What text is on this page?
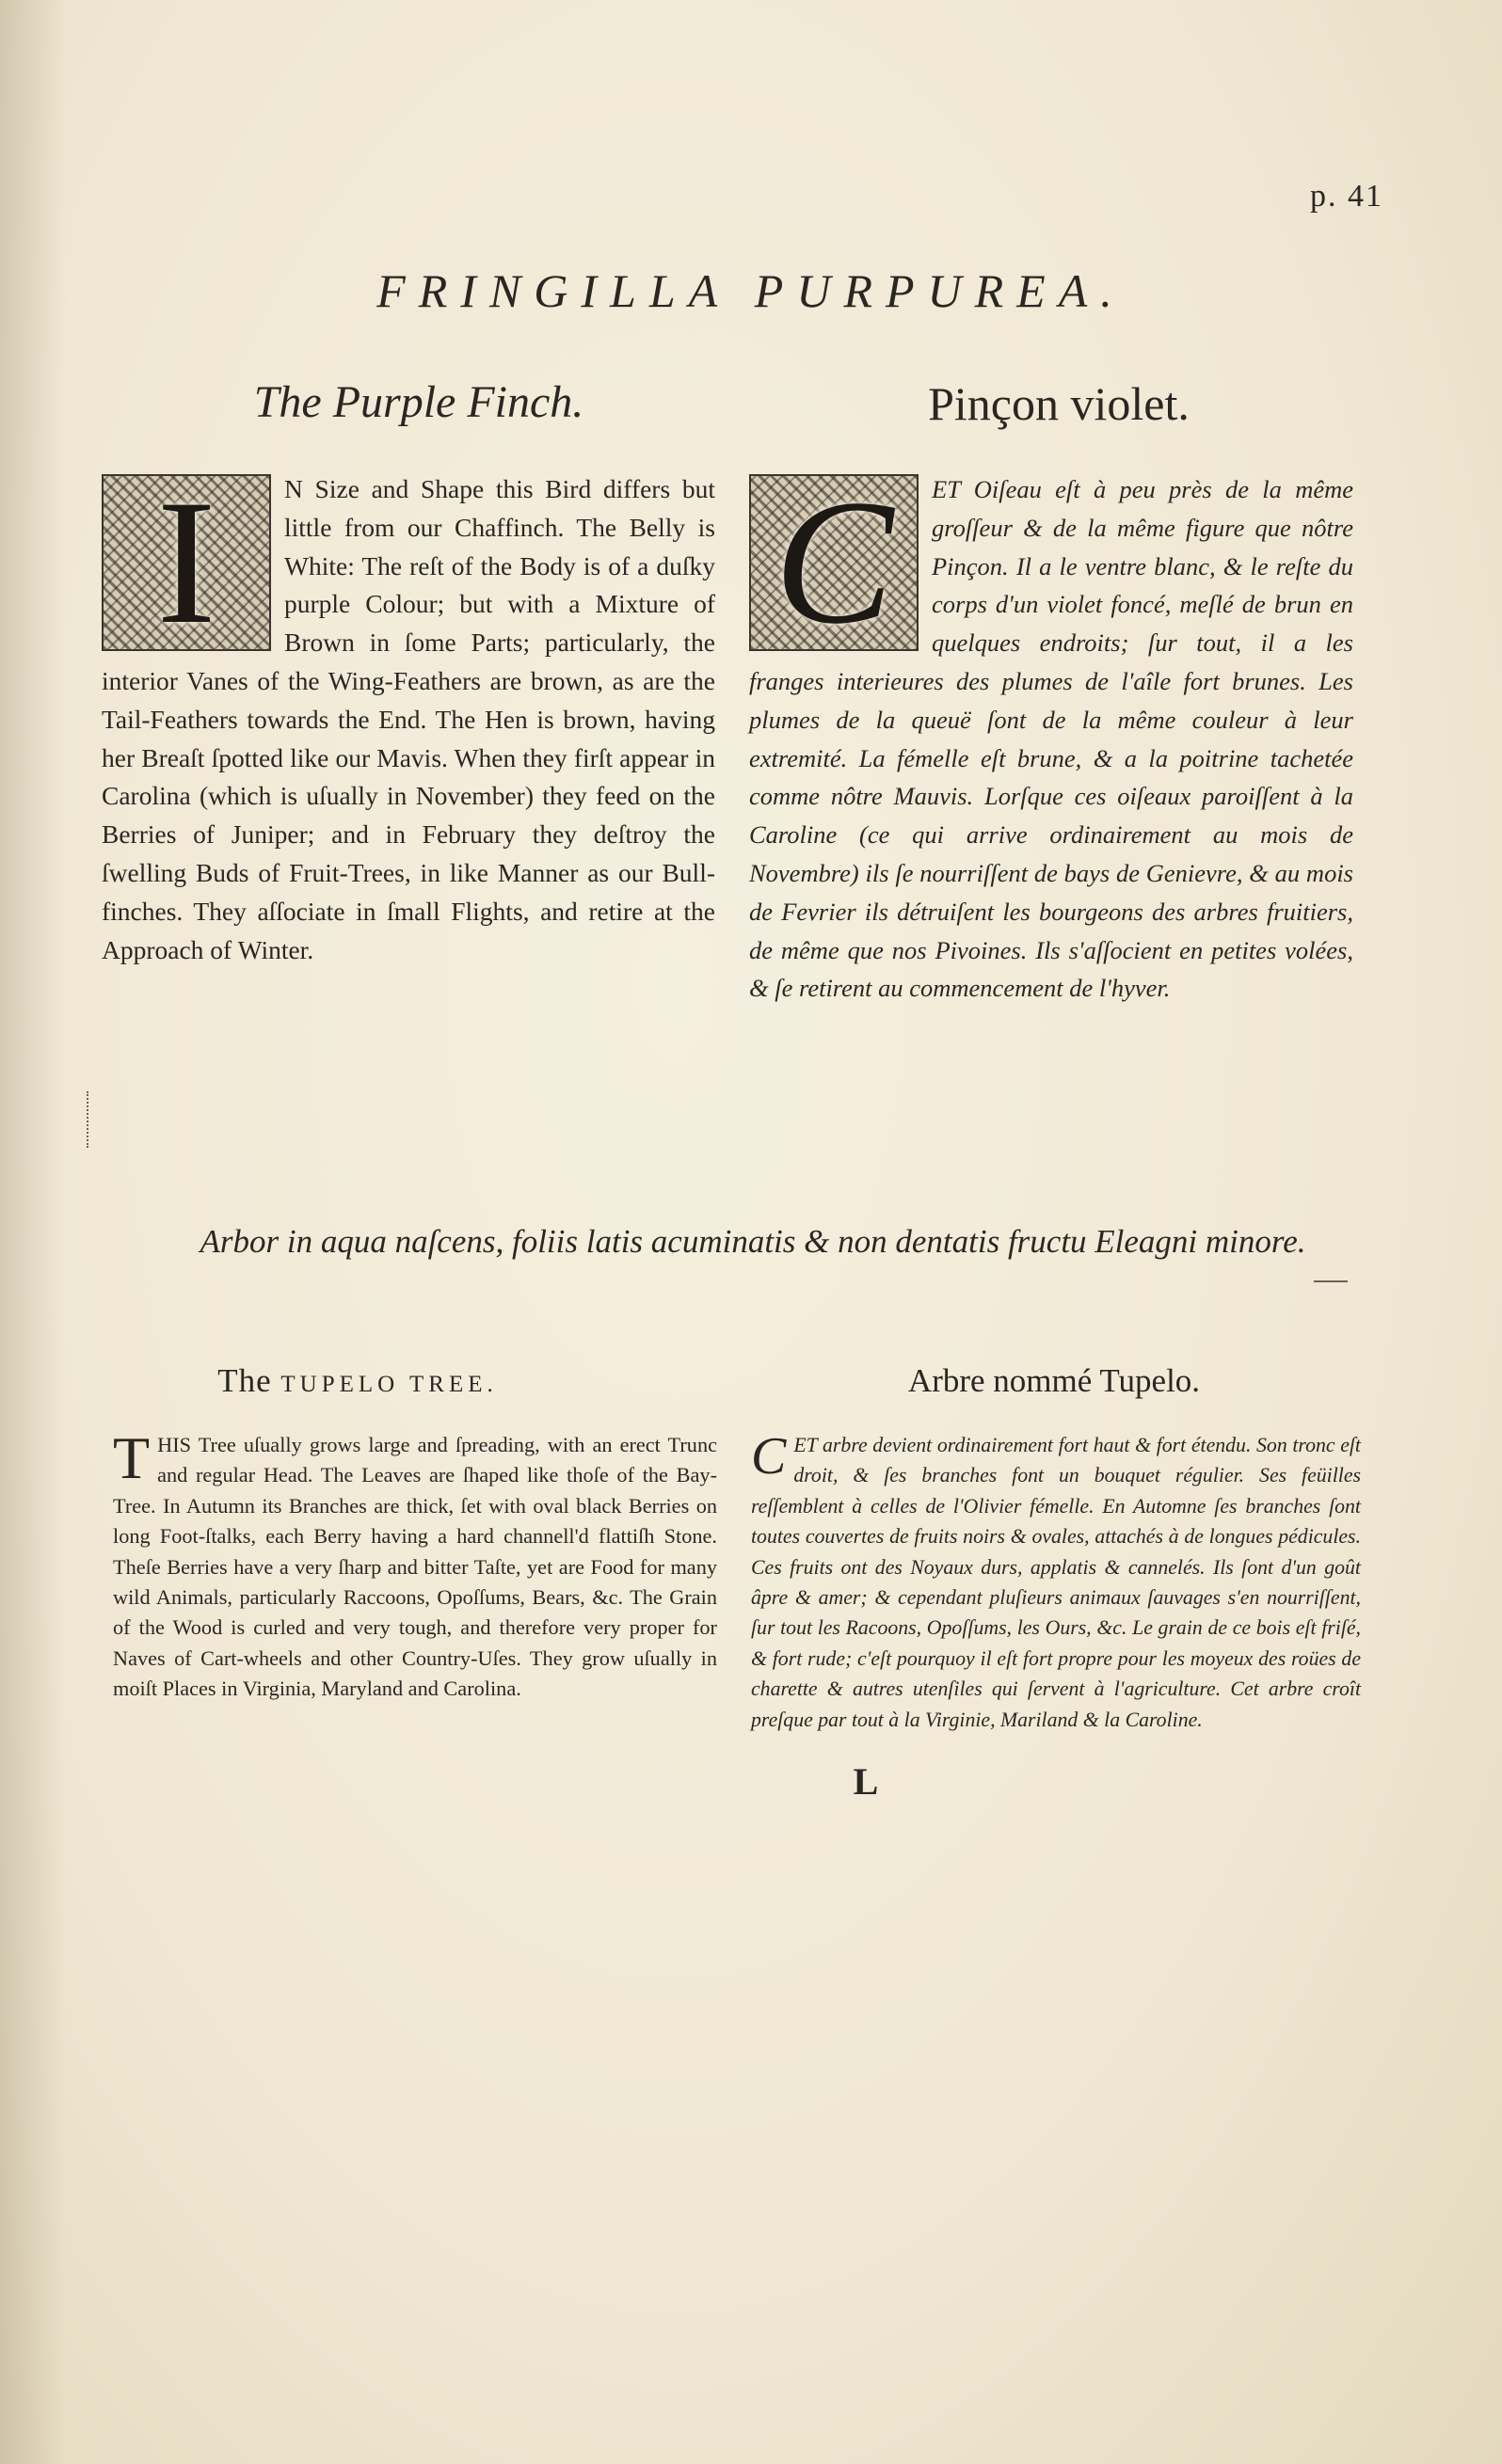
p. 41
FRINGILLA PURPUREA.
The Purple Finch.	Pinçon violet.
I	N Size and Shape this Bird differs but little from our Chaffinch. The Belly is White: The reſt of the Body is of a duſky purple Colour; but with a Mixture of Brown in ſome Parts; particularly, the interior Vanes of the Wing-Feathers are brown, as are the Tail-Feathers towards the End. The Hen is brown, having her Breaſt ſpotted like our Mavis. When they firſt appear in Carolina (which is uſually in November) they feed on the Berries of Juniper; and in February they deſtroy the ſwelling Buds of Fruit-Trees, in like Manner as our Bull-finches. They aſſociate in ſmall Flights, and retire at the Approach of Winter.
C	ET Oiſeau eſt à peu près de la même groſſeur & de la même figure que nôtre Pinçon. Il a le ventre blanc, & le reſte du corps d'un violet foncé, meſlé de brun en quelques endroits; ſur tout, il a les franges interieures des plumes de l'aîle fort brunes. Les plumes de la queuë ſont de la même couleur à leur extremité. La fémelle eſt brune, & a la poitrine tachetée comme nôtre Mauvis. Lorſque ces oiſeaux paroiſſent à la Caroline (ce qui arrive ordinairement au mois de Novembre) ils ſe nourriſſent de bays de Genievre, & au mois de Fevrier ils détruiſent les bourgeons des arbres fruitiers, de même que nos Pivoines. Ils s'aſſocient en petites volées, & ſe retirent au commencement de l'hyver.
Arbor in aqua naſcens, foliis latis acuminatis & non dentatis fructu Eleagni minore.
The TUPELO TREE.	Arbre nommé Tupelo.
T HIS Tree uſually grows large and ſpreading, with an erect Trunc and regular Head. The Leaves are ſhaped like thoſe of the Bay-Tree. In Autumn its Branches are thick, ſet with oval black Berries on long Foot-ſtalks, each Berry having a hard channell'd flattiſh Stone. Theſe Berries have a very ſharp and bitter Taſte, yet are Food for many wild Animals, particularly Raccoons, Opoſſums, Bears, &c. The Grain of the Wood is curled and very tough, and therefore very proper for Naves of Cart-wheels and other Country-Uſes. They grow uſually in moiſt Places in Virginia, Maryland and Carolina.
C ET arbre devient ordinairement fort haut & fort étendu. Son tronc eſt droit, & ſes branches font un bouquet régulier. Ses feüilles reſſemblent à celles de l'Olivier fémelle. En Automne ſes branches ſont toutes couvertes de fruits noirs & ovales, attachés à de longues pédicules. Ces fruits ont des Noyaux durs, applatis & cannelés. Ils ſont d'un goût âpre & amer; & cependant pluſieurs animaux ſauvages s'en nourriſſent, ſur tout les Racoons, Opoſſums, les Ours, &c. Le grain de ce bois eſt friſé, & fort rude; c'eſt pourquoy il eſt fort propre pour les moyeux des roües de charette & autres utenſiles qui ſervent à l'agriculture. Cet arbre croît preſque par tout à la Virginie, Mariland & la Caroline.
L
